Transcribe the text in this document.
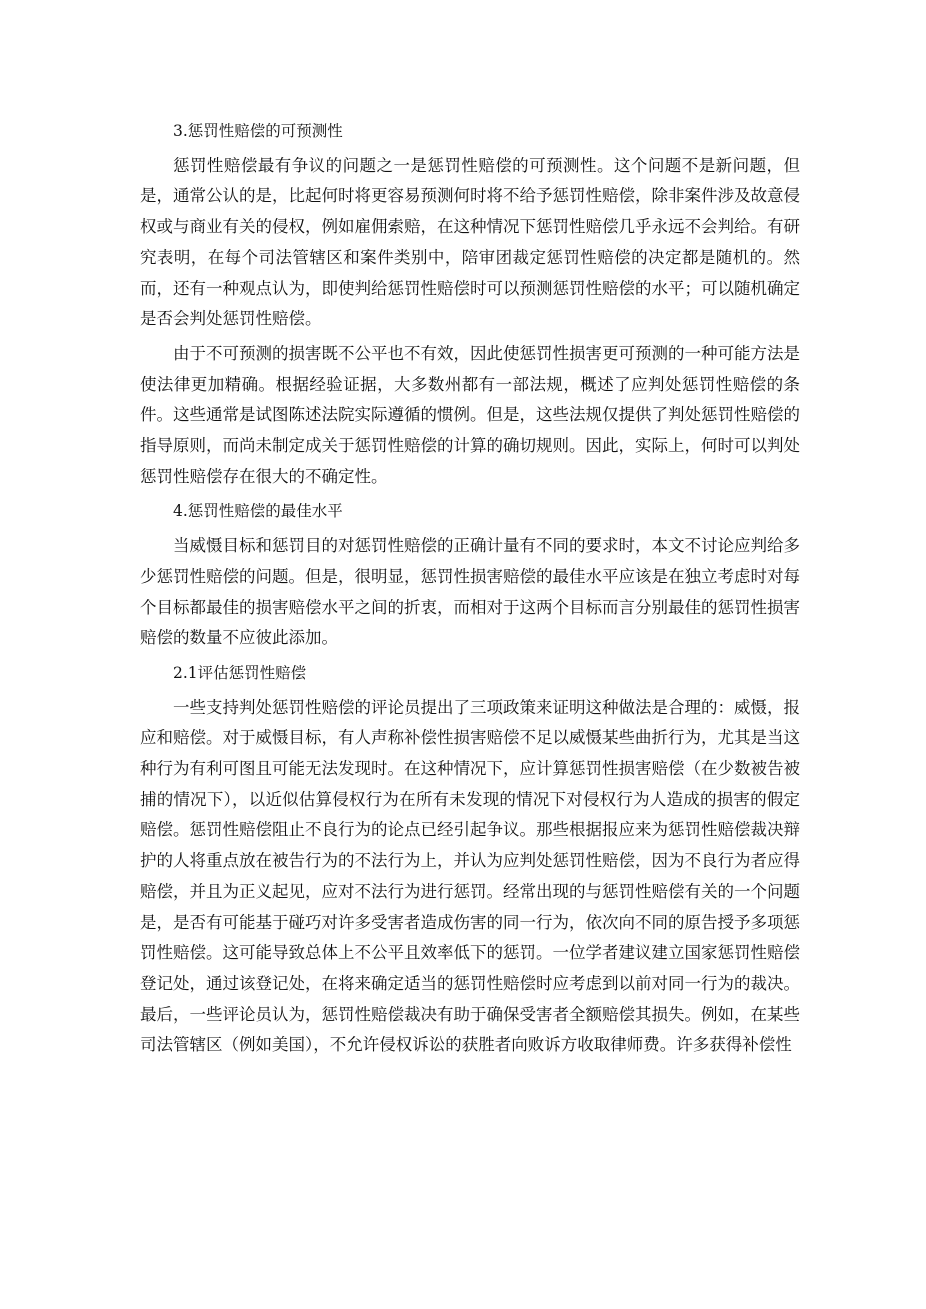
3.惩罚性赔偿的可预测性

惩罚性赔偿最有争议的问题之一是惩罚性赔偿的可预测性。这个问题不是新问题，但是，通常公认的是，比起何时将更容易预测何时将不给予惩罚性赔偿，除非案件涉及故意侵权或与商业有关的侵权，例如雇佣索赔，在这种情况下惩罚性赔偿几乎永远不会判给。有研究表明，在每个司法管辖区和案件类别中，陪审团裁定惩罚性赔偿的决定都是随机的。然而，还有一种观点认为，即使判给惩罚性赔偿时可以预测惩罚性赔偿的水平；可以随机确定是否会判处惩罚性赔偿。

由于不可预测的损害既不公平也不有效，因此使惩罚性损害更可预测的一种可能方法是使法律更加精确。根据经验证据，大多数州都有一部法规，概述了应判处惩罚性赔偿的条件。这些通常是试图陈述法院实际遵循的惯例。但是，这些法规仅提供了判处惩罚性赔偿的指导原则，而尚未制定成关于惩罚性赔偿的计算的确切规则。因此，实际上，何时可以判处惩罚性赔偿存在很大的不确定性。

4.惩罚性赔偿的最佳水平

当威慑目标和惩罚目的对惩罚性赔偿的正确计量有不同的要求时，本文不讨论应判给多少惩罚性赔偿的问题。但是，很明显，惩罚性损害赔偿的最佳水平应该是在独立考虑时对每个目标都最佳的损害赔偿水平之间的折衷，而相对于这两个目标而言分别最佳的惩罚性损害赔偿的数量不应彼此添加。

2.1评估惩罚性赔偿

一些支持判处惩罚性赔偿的评论员提出了三项政策来证明这种做法是合理的：威慑，报应和赔偿。对于威慑目标，有人声称补偿性损害赔偿不足以威慑某些曲折行为，尤其是当这种行为有利可图且可能无法发现时。在这种情况下，应计算惩罚性损害赔偿（在少数被告被捕的情况下），以近似估算侵权行为在所有未发现的情况下对侵权行为人造成的损害的假定赔偿。惩罚性赔偿阻止不良行为的论点已经引起争议。那些根据报应来为惩罚性赔偿裁决辩护的人将重点放在被告行为的不法行为上，并认为应判处惩罚性赔偿，因为不良行为者应得赔偿，并且为正义起见，应对不法行为进行惩罚。经常出现的与惩罚性赔偿有关的一个问题是，是否有可能基于碰巧对许多受害者造成伤害的同一行为，依次向不同的原告授予多项惩罚性赔偿。这可能导致总体上不公平且效率低下的惩罚。一位学者建议建立国家惩罚性赔偿登记处，通过该登记处，在将来确定适当的惩罚性赔偿时应考虑到以前对同一行为的裁决。最后，一些评论员认为，惩罚性赔偿裁决有助于确保受害者全额赔偿其损失。例如，在某些司法管辖区（例如美国），不允许侵权诉讼的获胜者向败诉方收取律师费。许多获得补偿性
